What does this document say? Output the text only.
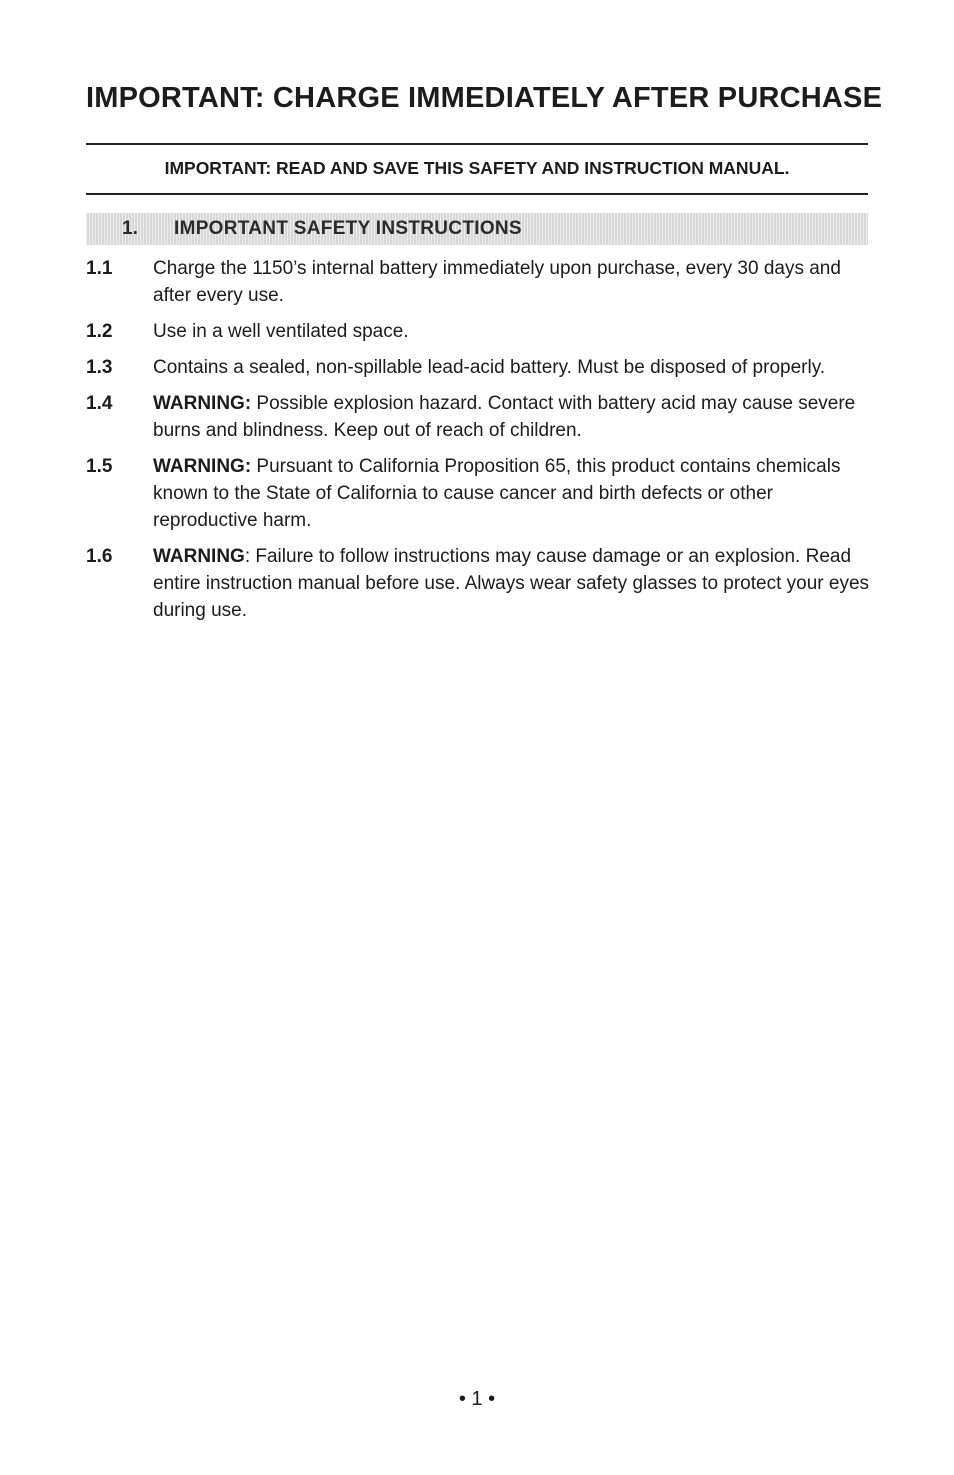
IMPORTANT: CHARGE IMMEDIATELY AFTER PURCHASE

IMPORTANT: READ AND SAVE THIS SAFETY AND INSTRUCTION MANUAL.

1.	IMPORTANT SAFETY INSTRUCTIONS
1.1	Charge the 1150’s internal battery immediately upon purchase, every 30 days and after every use.
1.2	Use in a well ventilated space.
1.3	Contains a sealed, non-spillable lead-acid battery. Must be disposed of properly.
1.4	WARNING: Possible explosion hazard. Contact with battery acid may cause severe burns and blindness. Keep out of reach of children.
1.5	WARNING: Pursuant to California Proposition 65, this product contains chemicals known to the State of California to cause cancer and birth defects or other reproductive harm.
1.6	WARNING: Failure to follow instructions may cause damage or an explosion. Read entire instruction manual before use. Always wear safety glasses to protect your eyes during use.
• 1 •
